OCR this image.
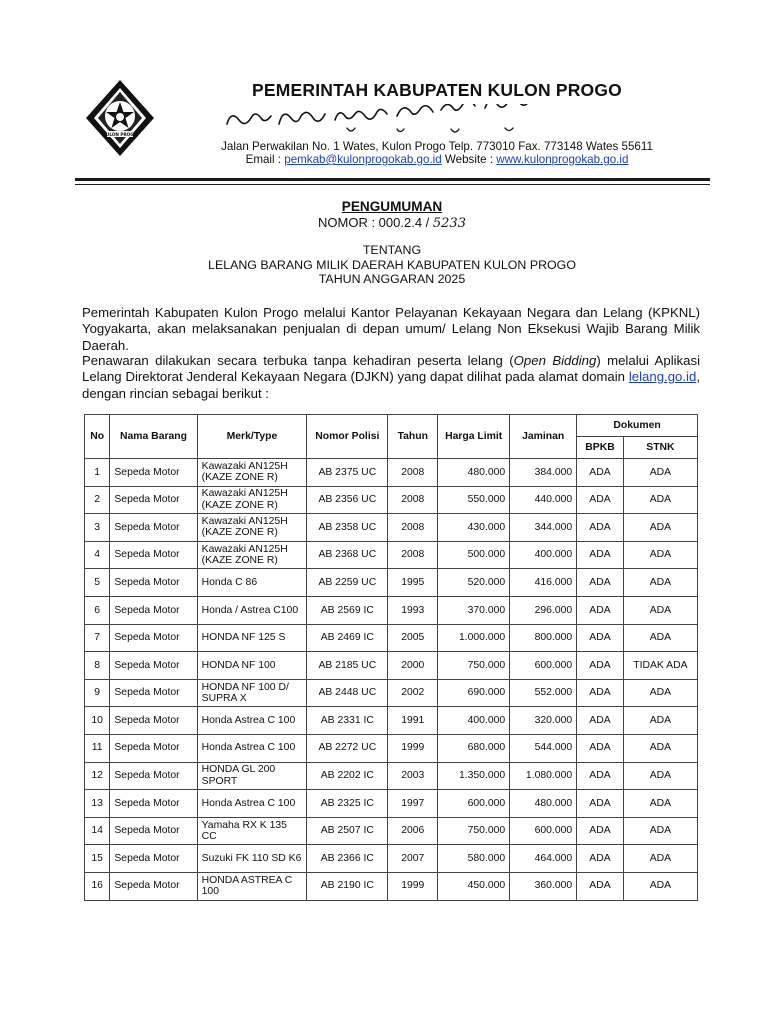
KULON PROGO
PEMERINTAH KABUPATEN KULON PROGO
Jalan Perwakilan No. 1 Wates, Kulon Progo Telp. 773010 Fax. 773148 Wates 55611
Email : pemkab@kulonprogokab.go.id Website : www.kulonprogokab.go.id
PENGUMUMAN
NOMOR : 000.2.4 / 5233
TENTANG
LELANG BARANG MILIK DAERAH KABUPATEN KULON PROGO
TAHUN ANGGARAN 2025
Pemerintah Kabupaten Kulon Progo melalui Kantor Pelayanan Kekayaan Negara dan Lelang (KPKNL) Yogyakarta, akan melaksanakan penjualan di depan umum/ Lelang Non Eksekusi Wajib Barang Milik Daerah.
Penawaran dilakukan secara terbuka tanpa kehadiran peserta lelang (Open Bidding) melalui Aplikasi Lelang Direktorat Jenderal Kekayaan Negara (DJKN) yang dapat dilihat pada alamat domain lelang.go.id, dengan rincian sebagai berikut :
No	Nama Barang	Merk/Type	Nomor Polisi	Tahun	Harga Limit	Jaminan	Dokumen	
							BPKB	STNK
1	Sepeda Motor	Kawazaki AN125H (KAZE ZONE R)	AB 2375 UC	2008	480.000	384.000	ADA	ADA
2	Sepeda Motor	Kawazaki AN125H (KAZE ZONE R)	AB 2356 UC	2008	550.000	440.000	ADA	ADA
3	Sepeda Motor	Kawazaki AN125H (KAZE ZONE R)	AB 2358 UC	2008	430.000	344.000	ADA	ADA
4	Sepeda Motor	Kawazaki AN125H (KAZE ZONE R)	AB 2368 UC	2008	500.000	400.000	ADA	ADA
5	Sepeda Motor	Honda C 86	AB 2259 UC	1995	520.000	416.000	ADA	ADA
6	Sepeda Motor	Honda / Astrea C100	AB 2569 IC	1993	370.000	296.000	ADA	ADA
7	Sepeda Motor	HONDA NF 125 S	AB 2469 IC	2005	1.000.000	800.000	ADA	ADA
8	Sepeda Motor	HONDA NF 100	AB 2185 UC	2000	750.000	600.000	ADA	TIDAK ADA
9	Sepeda Motor	HONDA NF 100 D/ SUPRA X	AB 2448 UC	2002	690.000	552.000	ADA	ADA
10	Sepeda Motor	Honda Astrea C 100	AB 2331 IC	1991	400.000	320.000	ADA	ADA
11	Sepeda Motor	Honda Astrea C 100	AB 2272 UC	1999	680.000	544.000	ADA	ADA
12	Sepeda Motor	HONDA GL 200 SPORT	AB 2202 IC	2003	1.350.000	1.080.000	ADA	ADA
13	Sepeda Motor	Honda Astrea C 100	AB 2325 IC	1997	600.000	480.000	ADA	ADA
14	Sepeda Motor	Yamaha RX K 135 CC	AB 2507 IC	2006	750.000	600.000	ADA	ADA
15	Sepeda Motor	Suzuki FK 110 SD K6	AB 2366 IC	2007	580.000	464.000	ADA	ADA
16	Sepeda Motor	HONDA ASTREA C 100	AB 2190 IC	1999	450.000	360.000	ADA	ADA
